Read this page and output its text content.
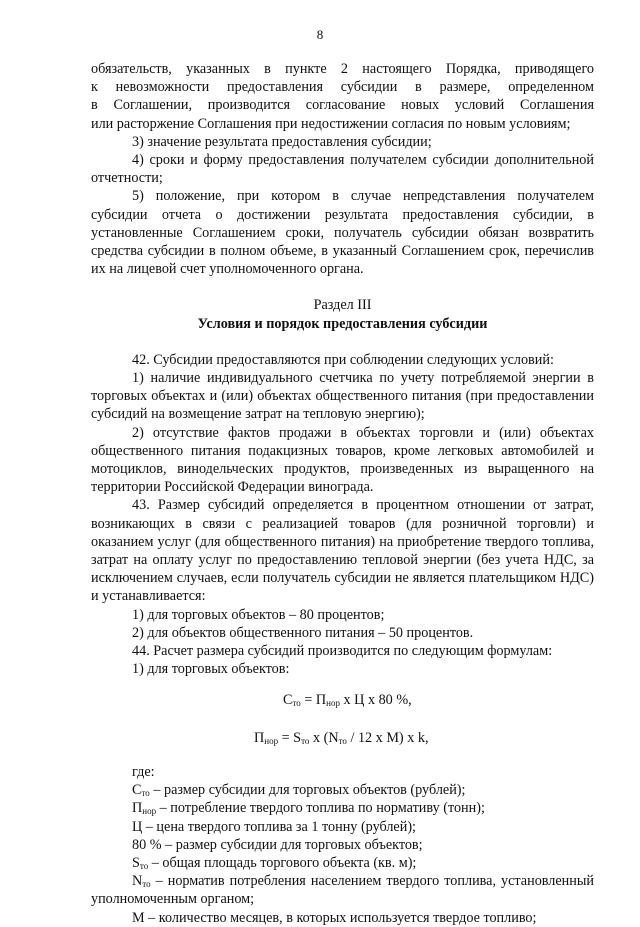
8

обязательств, указанных в пункте 2 настоящего Порядка, приводящего

к невозможности предоставления субсидии в размере, определенном

в Соглашении, производится согласование новых условий Соглашения

или расторжение Соглашения при недостижении согласия по новым условиям;

3) значение результата предоставления субсидии;

4) сроки и форму предоставления получателем субсидии дополнительной отчетности;

5) положение, при котором в случае непредставления получателем субсидии отчета о достижении результата предоставления субсидии, в установленные Соглашением сроки, получатель субсидии обязан возвратить средства субсидии в полном объеме, в указанный Соглашением срок, перечислив их на лицевой счет уполномоченного органа.

Раздел III

Условия и порядок предоставления субсидии

42. Субсидии предоставляются при соблюдении следующих условий:

1) наличие индивидуального счетчика по учету потребляемой энергии в торговых объектах и (или) объектах общественного питания (при предоставлении субсидий на возмещение затрат на тепловую энергию);

2) отсутствие фактов продажи в объектах торговли и (или) объектах общественного питания подакцизных товаров, кроме легковых автомобилей и мотоциклов, винодельческих продуктов, произведенных из выращенного на территории Российской Федерации винограда.

43. Размер субсидий определяется в процентном отношении от затрат, возникающих в связи с реализацией товаров (для розничной торговли) и оказанием услуг (для общественного питания) на приобретение твердого топлива, затрат на оплату услуг по предоставлению тепловой энергии (без учета НДС, за исключением случаев, если получатель субсидии не является плательщиком НДС) и устанавливается:

1) для торговых объектов – 80 процентов;

2) для объектов общественного питания – 50 процентов.

44. Расчет размера субсидий производится по следующим формулам:

1) для торговых объектов:

$С_{то} = П_{нор}$ х Ц х 80 %,

$П_{нор} = S_{то}$ х ($N_{то} / 12$ х М) х k,

где:

$С_{то}$ – размер субсидии для торговых объектов (рублей);

$П_{нор}$ – потребление твердого топлива по нормативу (тонн);

Ц – цена твердого топлива за 1 тонну (рублей);

80 % – размер субсидии для торговых объектов;

$S_{то}$ – общая площадь торгового объекта (кв. м);

$N_{то}$ – норматив потребления населением твердого топлива, установленный уполномоченным органом;

М – количество месяцев, в которых используется твердое топливо;
